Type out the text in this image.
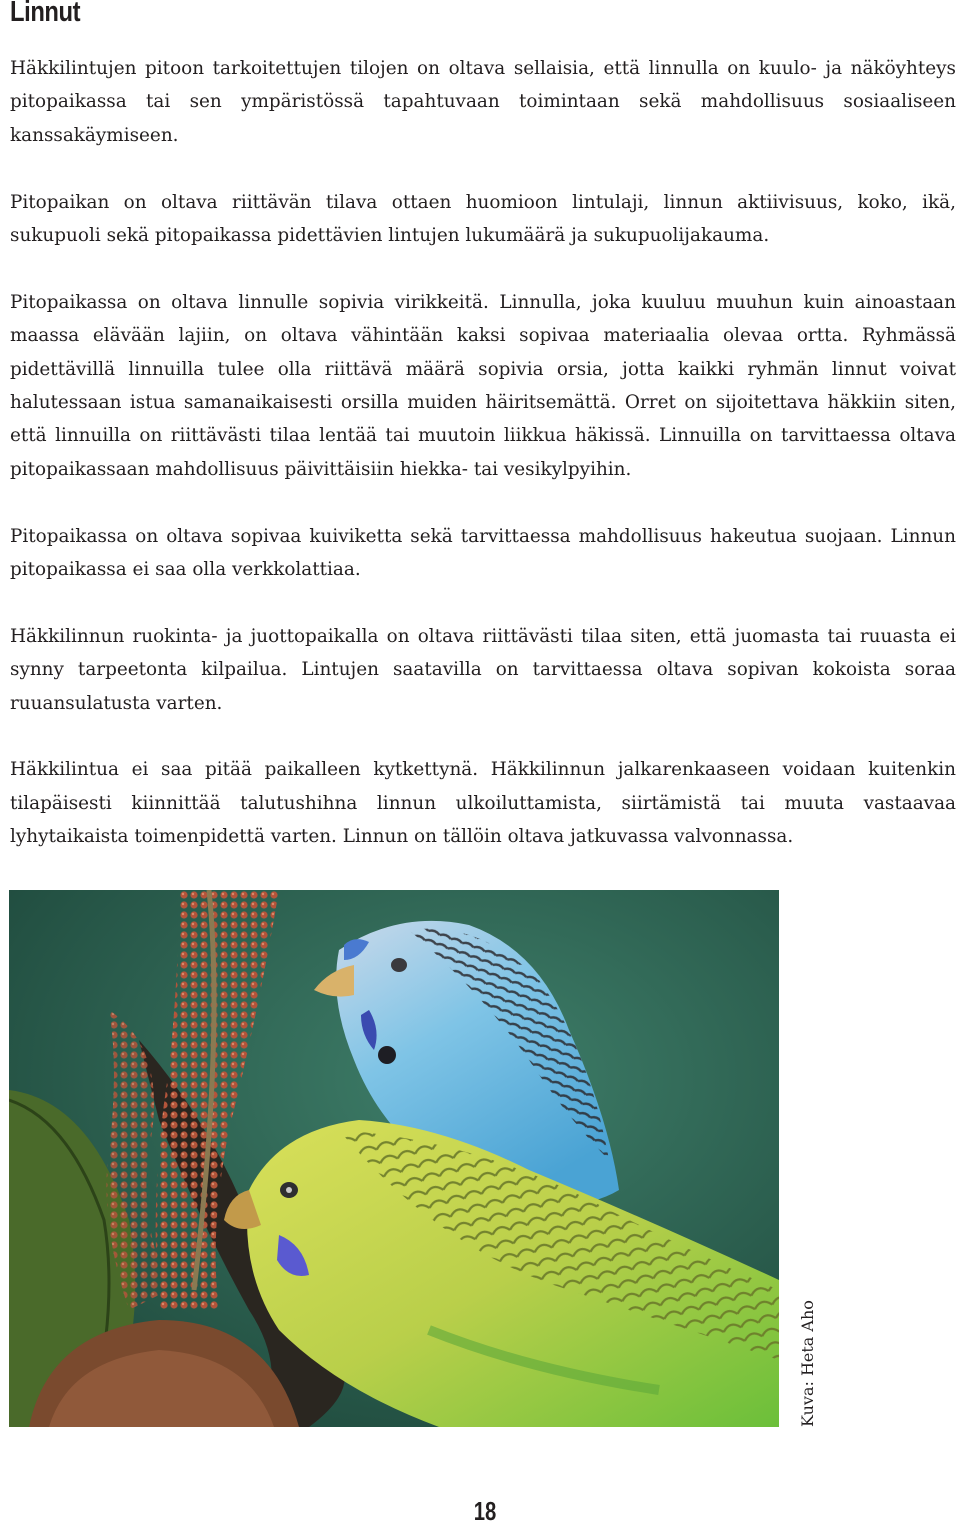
Linnut

Häkkilintujen pitoon tarkoitettujen tilojen on oltava sellaisia, että linnulla on kuulo- ja näköyhteys pitopaikassa tai sen ympäristössä tapahtuvaan toimintaan sekä mahdollisuus sosiaaliseen kanssakäymiseen.

Pitopaikan on oltava riittävän tilava ottaen huomioon lintulaji, linnun aktiivisuus, koko, ikä, sukupuoli sekä pitopaikassa pidettävien lintujen lukumäärä ja sukupuolijakauma.

Pitopaikassa on oltava linnulle sopivia virikkeitä. Linnulla, joka kuuluu muuhun kuin ainoastaan maassa elävään lajiin, on oltava vähintään kaksi sopivaa materiaalia olevaa ortta. Ryhmässä pidettävillä linnuilla tulee olla riittävä määrä sopivia orsia, jotta kaikki ryhmän linnut voivat halutessaan istua samanaikaisesti orsilla muiden häiritsemättä. Orret on sijoitettava häkkiin siten, että linnuilla on riittävästi tilaa lentää tai muutoin liikkua häkissä. Linnuilla on tarvittaessa oltava pitopaikassaan mahdollisuus päivittäisiin hiekka- tai vesikylpyihin.

Pitopaikassa on oltava sopivaa kuiviketta sekä tarvittaessa mahdollisuus hakeutua suojaan. Linnun pitopaikassa ei saa olla verkkolattiaa.

Häkkilinnun ruokinta- ja juottopaikalla on oltava riittävästi tilaa siten, että juomasta tai ruuasta ei synny tarpeetonta kilpailua. Lintujen saatavilla on tarvittaessa oltava sopivan kokoista soraa ruuansulatusta varten.

Häkkilintua ei saa pitää paikalleen kytkettynä. Häkkilinnun jalkarenkaaseen voidaan kuitenkin tilapäisesti kiinnittää talutushihna linnun ulkoiluttamista, siirtämistä tai muuta vastaavaa lyhytaikaista toimenpidettä varten. Linnun on tällöin oltava jatkuvassa valvonnassa.

Kuva: Heta Aho
18
